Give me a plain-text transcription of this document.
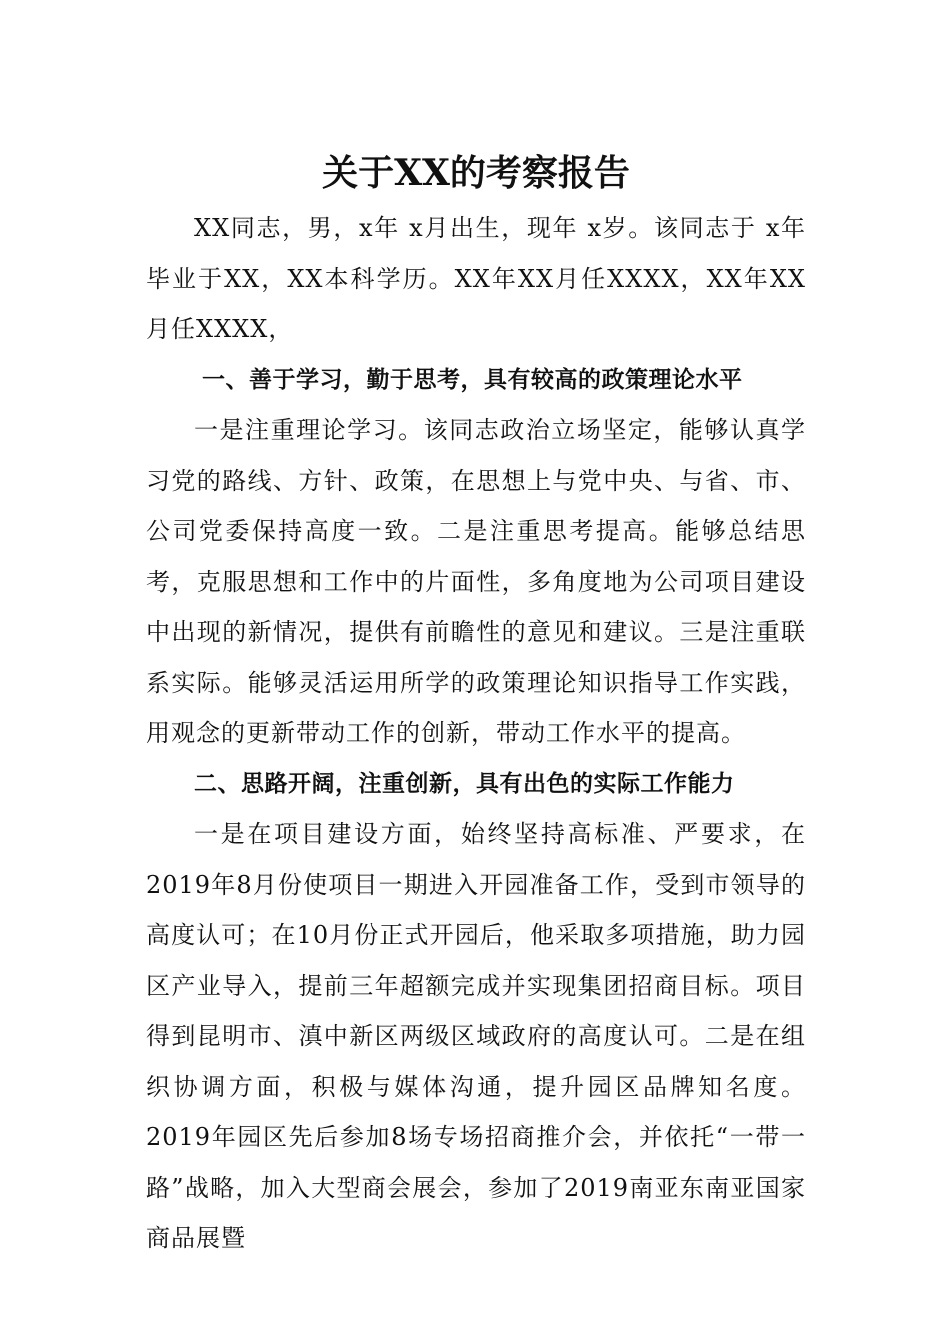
关于XX的考察报告

XX同志，男，x年 x月出生，现年 x岁。该同志于 x年毕业于XX，XX本科学历。XX年XX月任XXXX，XX年XX月任XXXX，

一、善于学习，勤于思考，具有较高的政策理论水平

一是注重理论学习。该同志政治立场坚定，能够认真学习党的路线、方针、政策，在思想上与党中央、与省、市、公司党委保持高度一致。二是注重思考提高。能够总结思考，克服思想和工作中的片面性，多角度地为公司项目建设中出现的新情况，提供有前瞻性的意见和建议。三是注重联系实际。能够灵活运用所学的政策理论知识指导工作实践，用观念的更新带动工作的创新，带动工作水平的提高。

二、思路开阔，注重创新，具有出色的实际工作能力

一是在项目建设方面，始终坚持高标准、严要求，在2019年8月份使项目一期进入开园准备工作，受到市领导的高度认可；在10月份正式开园后，他采取多项措施，助力园区产业导入，提前三年超额完成并实现集团招商目标。项目得到昆明市、滇中新区两级区域政府的高度认可。二是在组织协调方面，积极与媒体沟通，提升园区品牌知名度。2019年园区先后参加8场专场招商推介会，并依托“一带一路”战略，加入大型商会展会，参加了2019南亚东南亚国家商品展暨
